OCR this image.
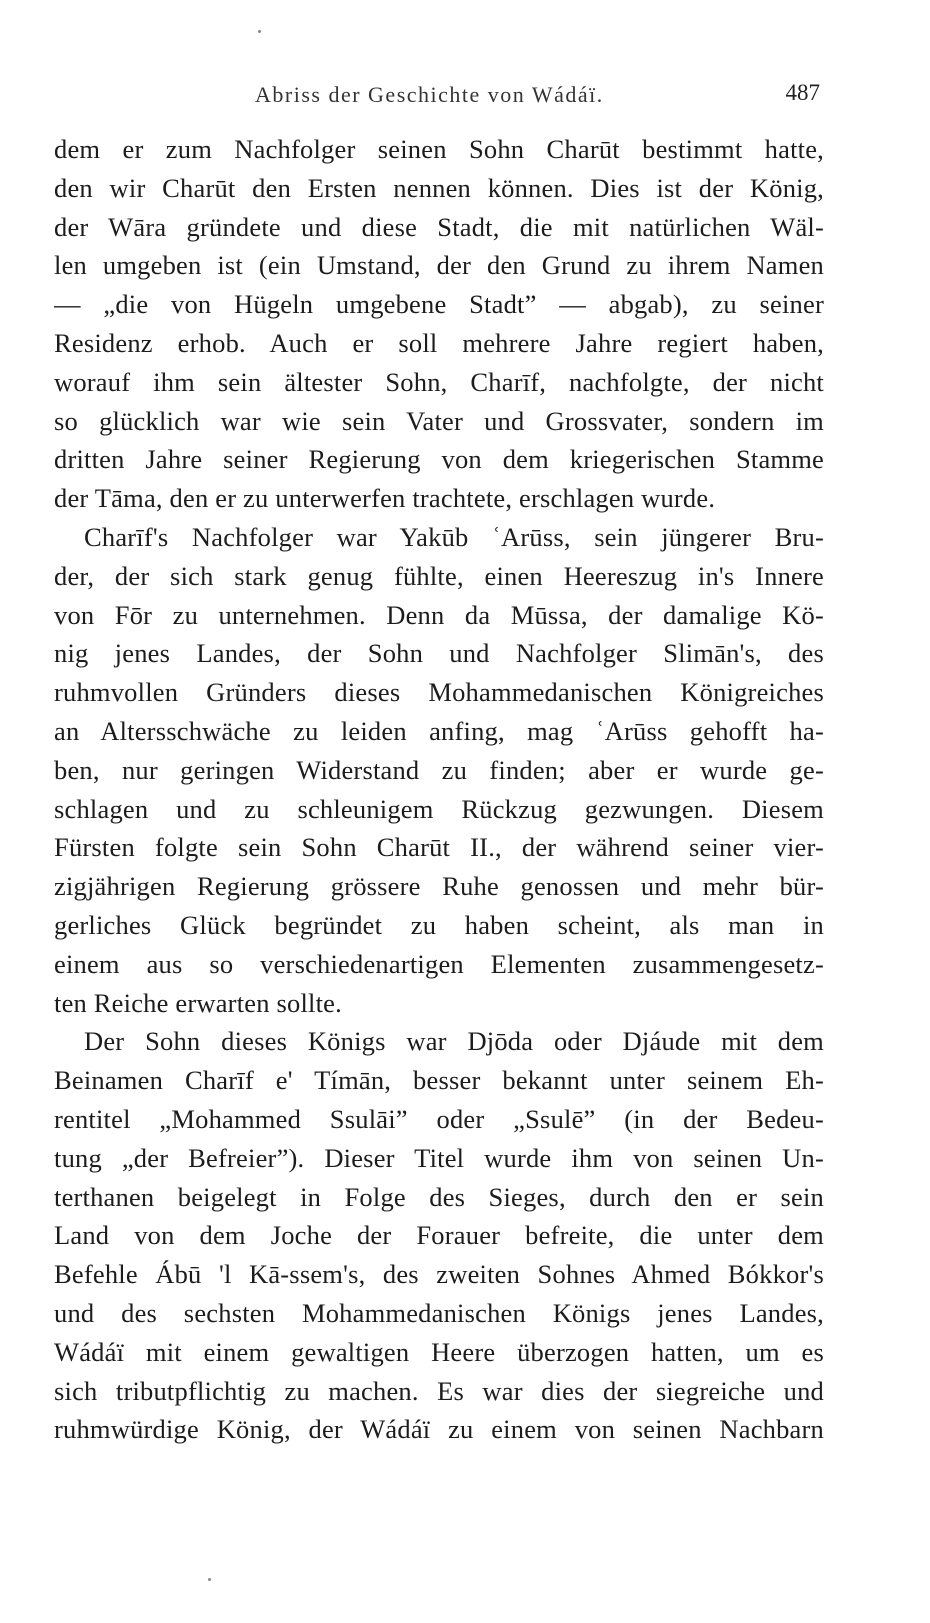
Abriss der Geschichte von Wádáï.	487
dem er zum Nachfolger seinen Sohn Charūt bestimmt hatte,
den wir Charūt den Ersten nennen können. Dies ist der König,
der Wāra gründete und diese Stadt, die mit natürlichen Wäl-
len umgeben ist (ein Umstand, der den Grund zu ihrem Namen
— „die von Hügeln umgebene Stadt” — abgab), zu seiner
Residenz erhob. Auch er soll mehrere Jahre regiert haben,
worauf ihm sein ältester Sohn, Charīf, nachfolgte, der nicht
so glücklich war wie sein Vater und Grossvater, sondern im
dritten Jahre seiner Regierung von dem kriegerischen Stamme
der Tāma, den er zu unterwerfen trachtete, erschlagen wurde.
Charīf's Nachfolger war Yakūb ʿArūss, sein jüngerer Bru-
der, der sich stark genug fühlte, einen Heereszug in's Innere
von Fōr zu unternehmen. Denn da Mūssa, der damalige Kö-
nig jenes Landes, der Sohn und Nachfolger Slimān's, des
ruhmvollen Gründers dieses Mohammedanischen Königreiches
an Altersschwäche zu leiden anfing, mag ʿArūss gehofft ha-
ben, nur geringen Widerstand zu finden; aber er wurde ge-
schlagen und zu schleunigem Rückzug gezwungen. Diesem
Fürsten folgte sein Sohn Charūt II., der während seiner vier-
zigjährigen Regierung grössere Ruhe genossen und mehr bür-
gerliches Glück begründet zu haben scheint, als man in
einem aus so verschiedenartigen Elementen zusammengesetz-
ten Reiche erwarten sollte.
Der Sohn dieses Königs war Djōda oder Djáude mit dem
Beinamen Charīf e' Tímān, besser bekannt unter seinem Eh-
rentitel „Mohammed Ssulāi” oder „Ssulē” (in der Bedeu-
tung „der Befreier”). Dieser Titel wurde ihm von seinen Un-
terthanen beigelegt in Folge des Sieges, durch den er sein
Land von dem Joche der Forauer befreite, die unter dem
Befehle Ábū 'l Kā-ssem's, des zweiten Sohnes Ahmed Bókkor's
und des sechsten Mohammedanischen Königs jenes Landes,
Wádáï mit einem gewaltigen Heere überzogen hatten, um es
sich tributpflichtig zu machen. Es war dies der siegreiche und
ruhmwürdige König, der Wádáï zu einem von seinen Nachbarn
